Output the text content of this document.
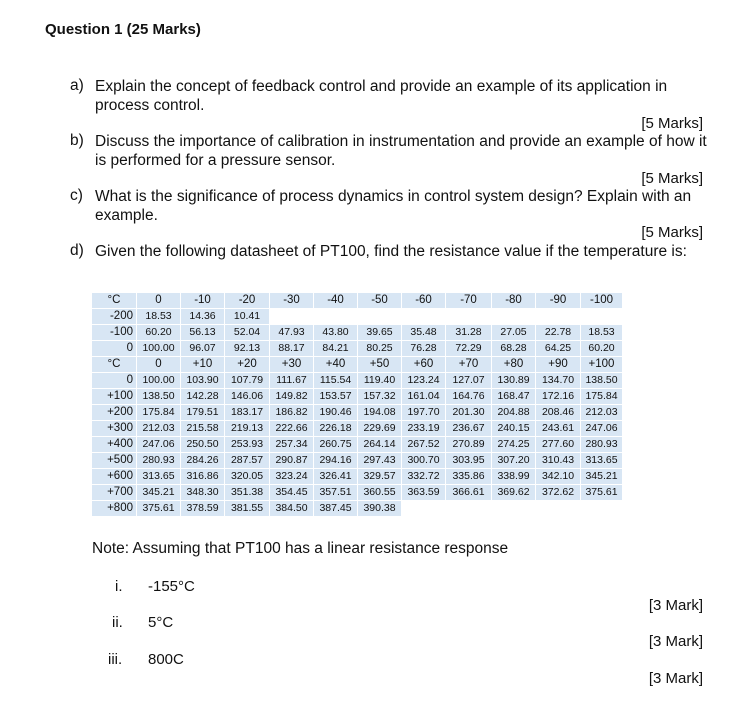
Question 1 (25 Marks)
a) Explain the concept of feedback control and provide an example of its application in process control.
[5 Marks]
b) Discuss the importance of calibration in instrumentation and provide an example of how it is performed for a pressure sensor.
[5 Marks]
c) What is the significance of process dynamics in control system design? Explain with an example.
[5 Marks]
d) Given the following datasheet of PT100, find the resistance value if the temperature is:
°C	0	-10	-20	-30	-40	-50	-60	-70	-80	-90	-100
-200	18.53	14.36	10.41								
-100	60.20	56.13	52.04	47.93	43.80	39.65	35.48	31.28	27.05	22.78	18.53
0	100.00	96.07	92.13	88.17	84.21	80.25	76.28	72.29	68.28	64.25	60.20
°C	0	+10	+20	+30	+40	+50	+60	+70	+80	+90	+100
0	100.00	103.90	107.79	111.67	115.54	119.40	123.24	127.07	130.89	134.70	138.50
+100	138.50	142.28	146.06	149.82	153.57	157.32	161.04	164.76	168.47	172.16	175.84
+200	175.84	179.51	183.17	186.82	190.46	194.08	197.70	201.30	204.88	208.46	212.03
+300	212.03	215.58	219.13	222.66	226.18	229.69	233.19	236.67	240.15	243.61	247.06
+400	247.06	250.50	253.93	257.34	260.75	264.14	267.52	270.89	274.25	277.60	280.93
+500	280.93	284.26	287.57	290.87	294.16	297.43	300.70	303.95	307.20	310.43	313.65
+600	313.65	316.86	320.05	323.24	326.41	329.57	332.72	335.86	338.99	342.10	345.21
+700	345.21	348.30	351.38	354.45	357.51	360.55	363.59	366.61	369.62	372.62	375.61
+800	375.61	378.59	381.55	384.50	387.45	390.38					
Note: Assuming that PT100 has a linear resistance response
i. -155°C
[3 Mark]
ii. 5°C
[3 Mark]
iii. 800C
[3 Mark]
